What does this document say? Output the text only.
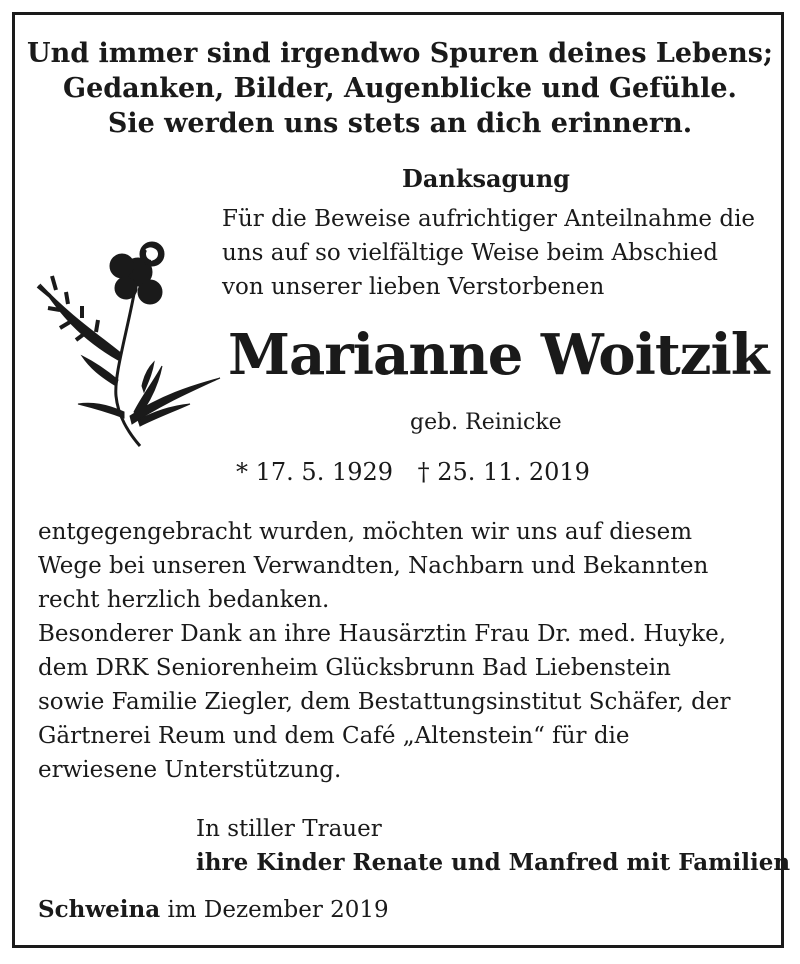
Und immer sind irgendwo Spuren deines Lebens;
Gedanken, Bilder, Augenblicke und Gefühle.
Sie werden uns stets an dich erinnern.
Danksagung
Für die Beweise aufrichtiger Anteilnahme die
uns auf so vielfältige Weise beim Abschied
von unserer lieben Verstorbenen
Marianne Woitzik
geb. Reinicke
* 17. 5. 1929 † 25. 11. 2019
entgegengebracht wurden, möchten wir uns auf diesem
Wege bei unseren Verwandten, Nachbarn und Bekannten
recht herzlich bedanken.
Besonderer Dank an ihre Hausärztin Frau Dr. med. Huyke,
dem DRK Seniorenheim Glücksbrunn Bad Liebenstein
sowie Familie Ziegler, dem Bestattungsinstitut Schäfer, der
Gärtnerei Reum und dem Café „Altenstein“ für die
erwiesene Unterstützung.
In stiller Trauer
ihre Kinder Renate und Manfred mit Familien
Schweina im Dezember 2019
